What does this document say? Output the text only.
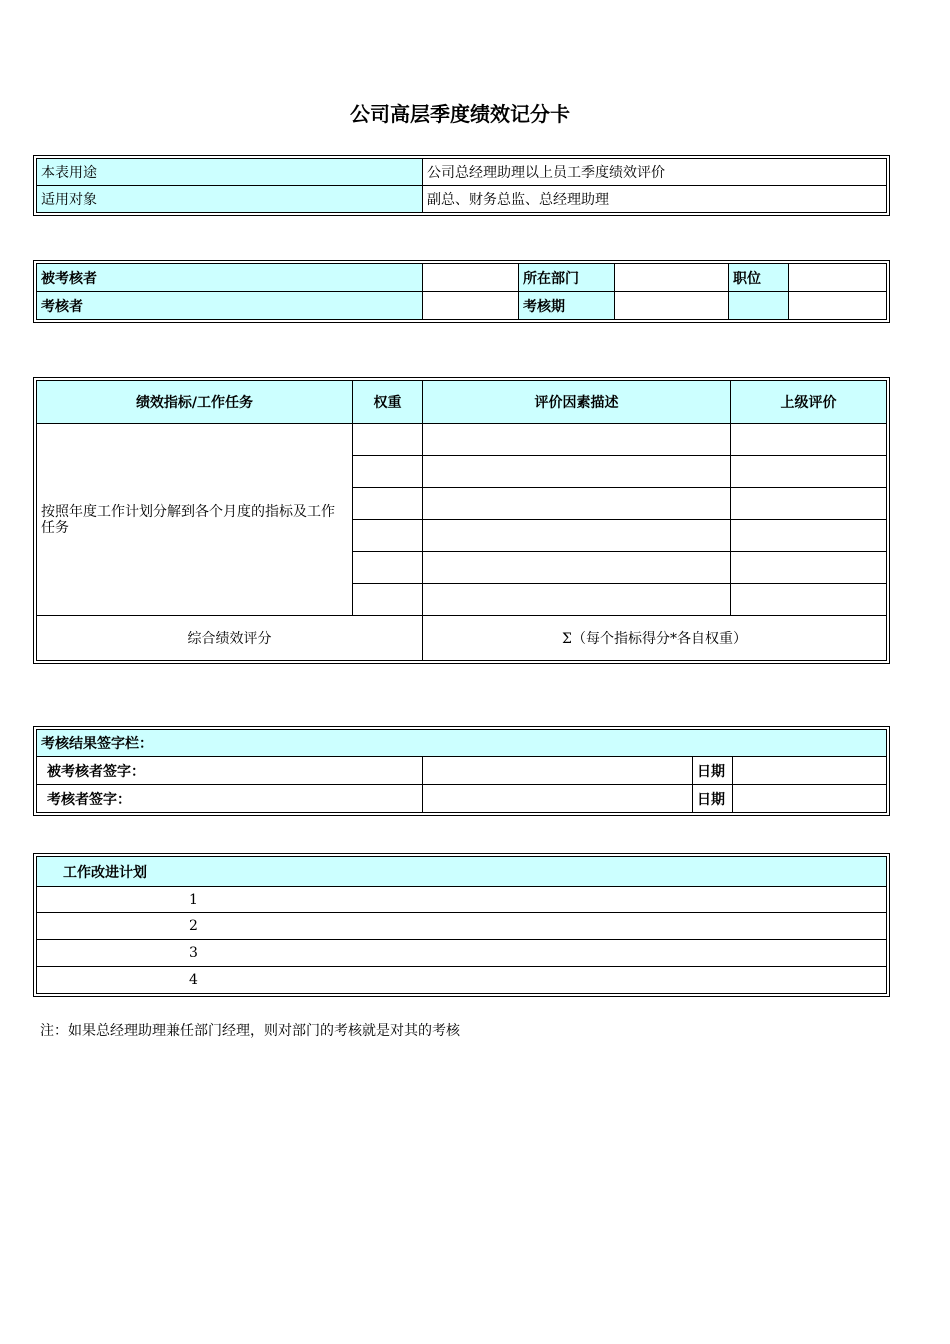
公司高层季度绩效记分卡
本表用途	公司总经理助理以上员工季度绩效评价
适用对象	副总、财务总监、总经理助理
被考核者		所在部门		职位	
考核者		考核期			
绩效指标/工作任务	权重	评价因素描述	上级评价
按照年度工作计划分解到各个月度的指标及工作任务			

综合绩效评分		Σ（每个指标得分*各自权重）	
考核结果签字栏：			
被考核者签字：		日期	
考核者签字：		日期	
工作改进计划
1
2
3
4
注：如果总经理助理兼任部门经理，则对部门的考核就是对其的考核
